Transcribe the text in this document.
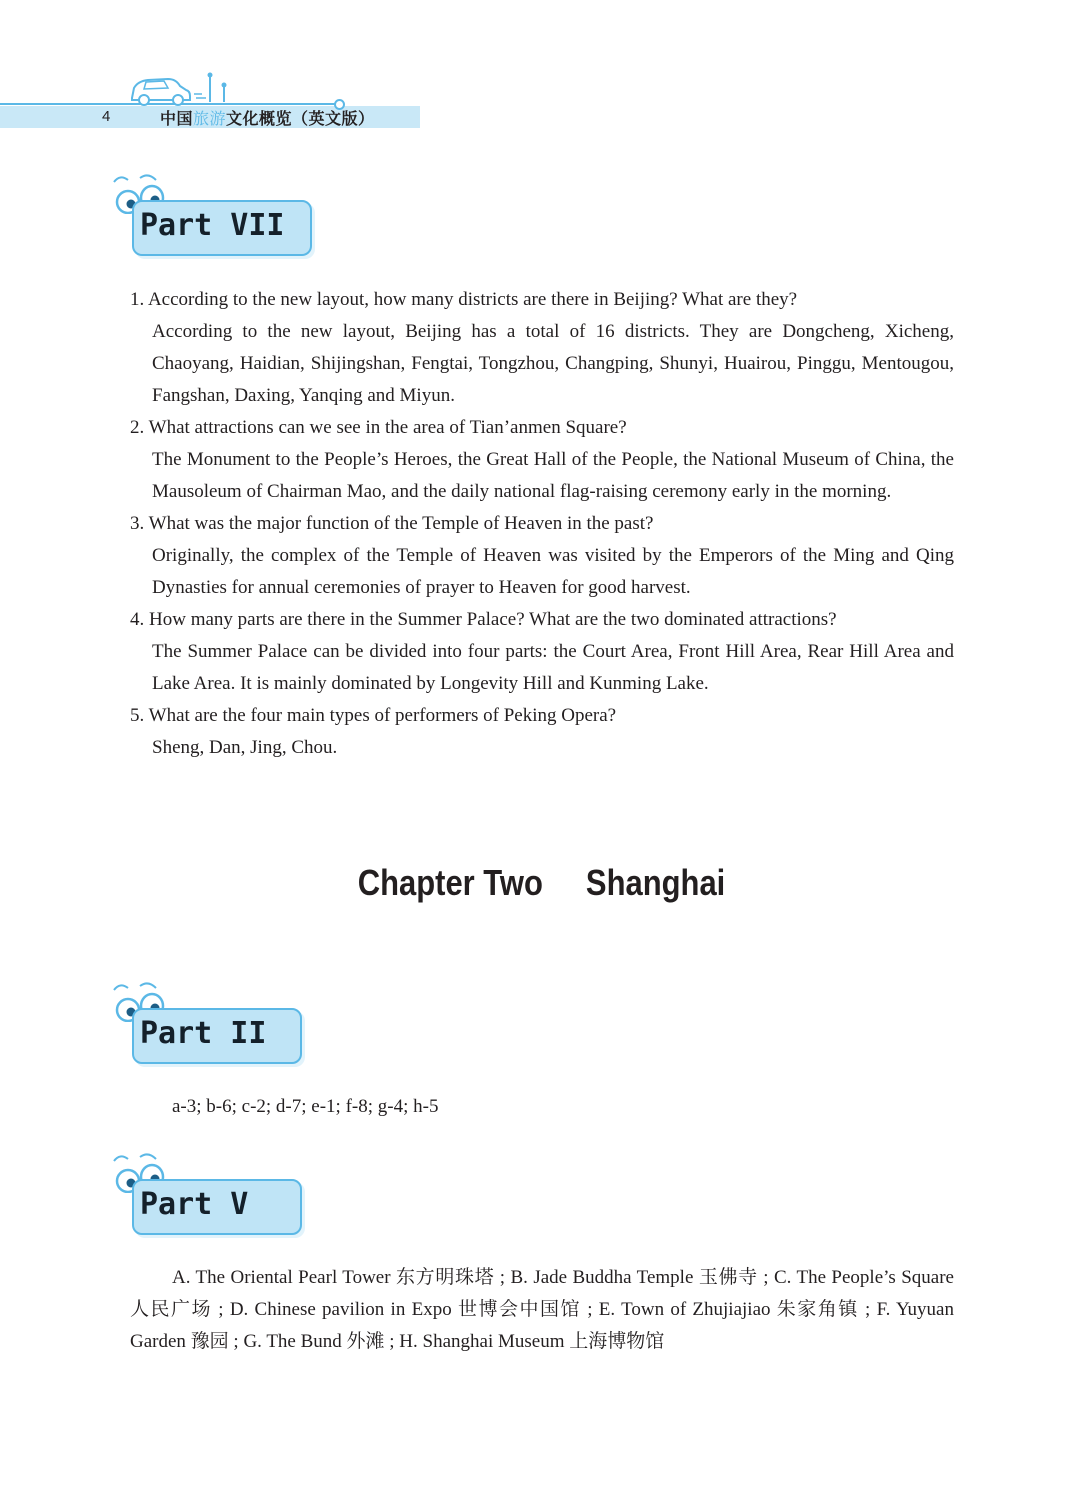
4	中国旅游文化概览（英文版）
Part VII

1. According to the new layout, how many districts are there in Beijing? What are they?

According to the new layout, Beijing has a total of 16 districts. They are Dongcheng, Xicheng, Chaoyang, Haidian, Shijingshan, Fengtai, Tongzhou, Changping, Shunyi, Huairou, Pinggu, Mentougou, Fangshan, Daxing, Yanqing and Miyun.

2. What attractions can we see in the area of Tian’anmen Square?

The Monument to the People’s Heroes, the Great Hall of the People, the National Museum of China, the Mausoleum of Chairman Mao, and the daily national flag-raising ceremony early in the morning.

3. What was the major function of the Temple of Heaven in the past?

Originally, the complex of the Temple of Heaven was visited by the Emperors of the Ming and Qing Dynasties for annual ceremonies of prayer to Heaven for good harvest.

4. How many parts are there in the Summer Palace? What are the two dominated attractions?

The Summer Palace can be divided into four parts: the Court Area, Front Hill Area, Rear Hill Area and Lake Area. It is mainly dominated by Longevity Hill and Kunming Lake.

5. What are the four main types of performers of Peking Opera?

Sheng, Dan, Jing, Chou.

Chapter Two     Shanghai
Part II
a-3; b-6; c-2; d-7; e-1; f-8; g-4; h-5
Part V

A. The Oriental Pearl Tower 东方明珠塔 ; B. Jade Buddha Temple 玉佛寺 ; C. The People’s Square 人民广场 ; D. Chinese pavilion in Expo 世博会中国馆 ; E. Town of Zhujiajiao 朱家角镇 ; F. Yuyuan Garden 豫园 ; G. The Bund 外滩 ; H. Shanghai Museum 上海博物馆
